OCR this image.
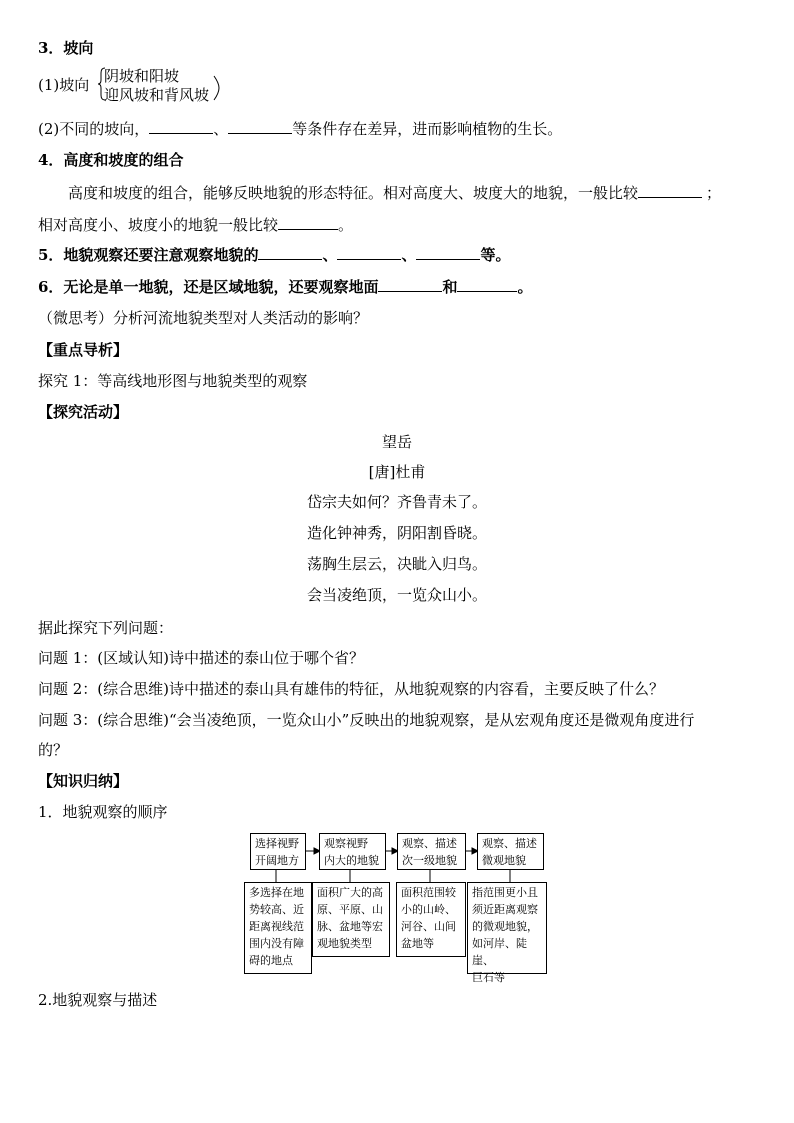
3．坡向
(1)坡向 阴坡和阳坡
迎风坡和背风坡
(2)不同的坡向，	、	等条件存在差异，进而影响植物的生长。
4．高度和坡度的组合
高度和坡度的组合，能够反映地貌的形态特征。相对高度大、坡度大的地貌，一般比较	；
相对高度小、坡度小的地貌一般比较	。
5．地貌观察还要注意观察地貌的	、	、	等。
6．无论是单一地貌，还是区域地貌，还要观察地面	和	。
（微思考）分析河流地貌类型对人类活动的影响？
【重点导析】
探究 1：等高线地形图与地貌类型的观察
【探究活动】
望岳
[唐]杜甫
岱宗夫如何？齐鲁青未了。
造化钟神秀，阴阳割昏晓。
荡胸生层云，决眦入归鸟。
会当凌绝顶，一览众山小。
据此探究下列问题：
问题 1：(区域认知)诗中描述的泰山位于哪个省？
问题 2：(综合思维)诗中描述的泰山具有雄伟的特征，从地貌观察的内容看，主要反映了什么？
问题 3：(综合思维)“会当凌绝顶，一览众山小”反映出的地貌观察，是从宏观角度还是微观角度进行
的？
【知识归纳】
1．地貌观察的顺序
选择视野
开阔地方
观察视野
内大的地貌
观察、描述
次一级地貌
观察、描述
微观地貌
多选择在地
势较高、近
距离视线范
围内没有障
碍的地点
面积广大的高
原、平原、山
脉、盆地等宏
观地貌类型
面积范围较
小的山岭、
河谷、山间
盆地等
指范围更小且
须近距离观察
的微观地貌，
如河岸、陡崖、
巨石等
2.地貌观察与描述
